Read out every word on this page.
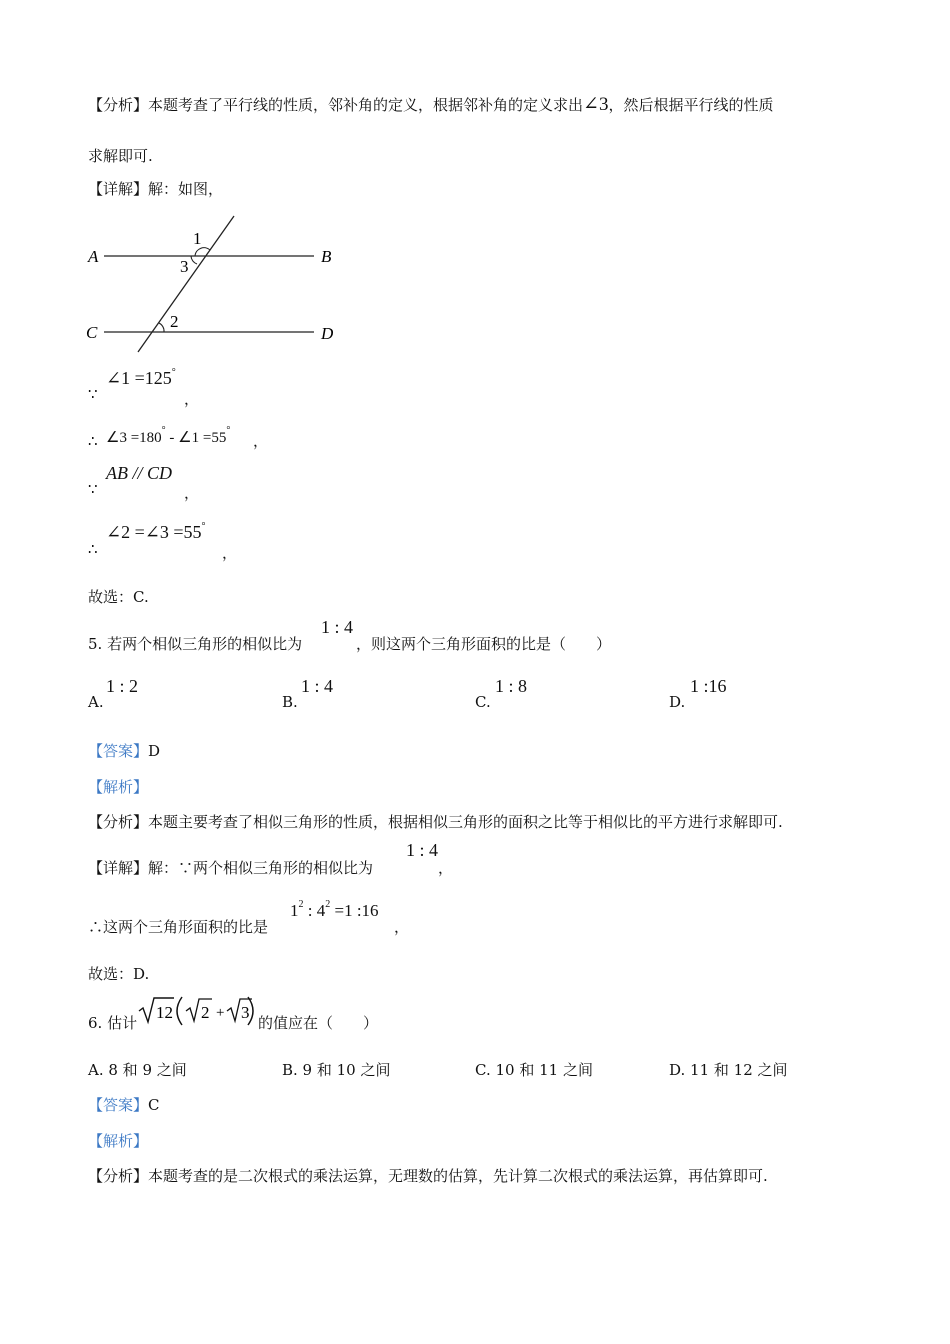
【分析】本题考查了平行线的性质，邻补角的定义，根据邻补角的定义求出∠3，然后根据平行线的性质
求解即可.
【详解】解：如图，
A	B
C	D
1
3
2
∵
∠1 =125°
，
∴ ∠3 =180° - ∠1 =55°
，
∵
AB // CD
，
∴
∠2 =∠3 =55°
，
故选：C.
5. 若两个相似三角形的相似比为
1 : 4
，则这两个三角形面积的比是（　　）
A.
1 : 2
B.
1 : 4
C.
1 : 8
D.
1 :16
【答案】D
【解析】
【分析】本题主要考查了相似三角形的性质，根据相似三角形的面积之比等于相似比的平方进行求解即可.
【详解】解：∵两个相似三角形的相似比为
1 : 4
，
∴这两个三角形面积的比是
$1^2$ : $4^2 =1$ :16
，
故选：D.
6. 估计
12 2 + 3
的值应在（　　）
A. 8 和 9 之间	B. 9 和 10 之间	C. 10 和 11 之间	D. 11 和 12 之间
【答案】C
【解析】
【分析】本题考查的是二次根式的乘法运算，无理数的估算，先计算二次根式的乘法运算，再估算即可.
